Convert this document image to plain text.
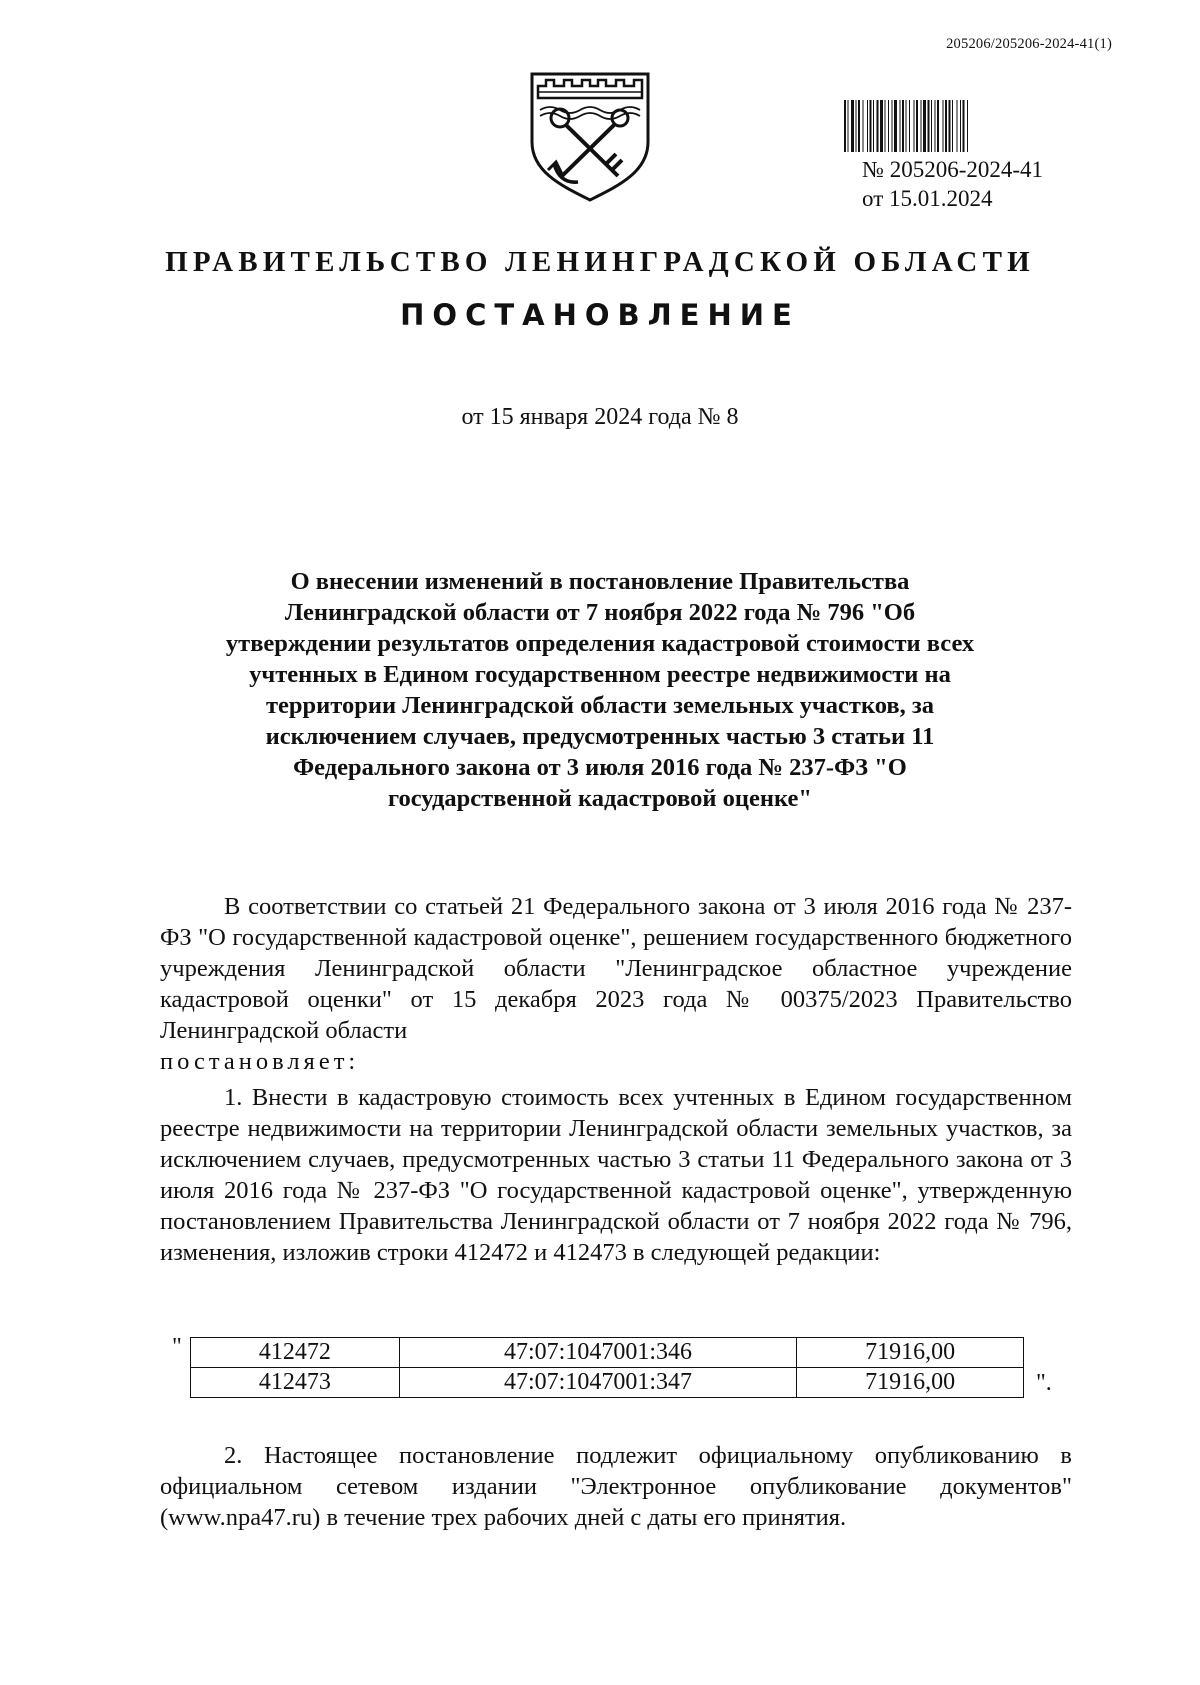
205206/205206-2024-41(1)
№ 205206-2024-41
от 15.01.2024
ПРАВИТЕЛЬСТВО ЛЕНИНГРАДСКОЙ ОБЛАСТИ
ПОСТАНОВЛЕНИЕ
от 15 января 2024 года № 8
О внесении изменений в постановление Правительства Ленинградской области от 7 ноября 2022 года № 796 "Об утверждении результатов определения кадастровой стоимости всех учтенных в Едином государственном реестре недвижимости на территории Ленинградской области земельных участков, за исключением случаев, предусмотренных частью 3 статьи 11 Федерального закона от 3 июля 2016 года № 237-ФЗ "О государственной кадастровой оценке"
В соответствии со статьей 21 Федерального закона от 3 июля 2016 года № 237-ФЗ "О государственной кадастровой оценке", решением государственного бюджетного учреждения Ленинградской области "Ленинградское областное учреждение кадастровой оценки" от 15 декабря 2023 года № 00375/2023 Правительство Ленинградской области
постановляет:
1. Внести в кадастровую стоимость всех учтенных в Едином государственном реестре недвижимости на территории Ленинградской области земельных участков, за исключением случаев, предусмотренных частью 3 статьи 11 Федерального закона от 3 июля 2016 года № 237-ФЗ "О государственной кадастровой оценке", утвержденную постановлением Правительства Ленинградской области от 7 ноября 2022 года № 796, изменения, изложив строки 412472 и 412473 в следующей редакции:
"	412472	47:07:1047001:346	71916,00
412473	47:07:1047001:347	71916,00	".
2. Настоящее постановление подлежит официальному опубликованию в официальном сетевом издании "Электронное опубликование документов" (www.npa47.ru) в течение трех рабочих дней с даты его принятия.
